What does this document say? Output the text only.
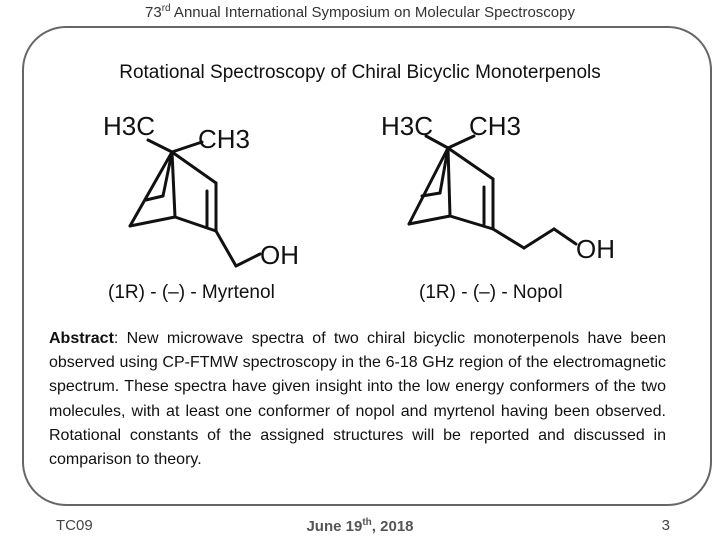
73rd Annual International Symposium on Molecular Spectroscopy
Rotational Spectroscopy of Chiral Bicyclic Monoterpenols
H3C CH3
OH
H3C CH3
OH
(1R) - (–) - Myrtenol	(1R) - (–) - Nopol
Abstract: New microwave spectra of two chiral bicyclic monoterpenols have been observed using CP-FTMW spectroscopy in the 6-18 GHz region of the electromagnetic spectrum. These spectra have given insight into the low energy conformers of the two molecules, with at least one conformer of nopol and myrtenol having been observed. Rotational constants of the assigned structures will be reported and discussed in comparison to theory.
TC09	June 19th, 2018	3
